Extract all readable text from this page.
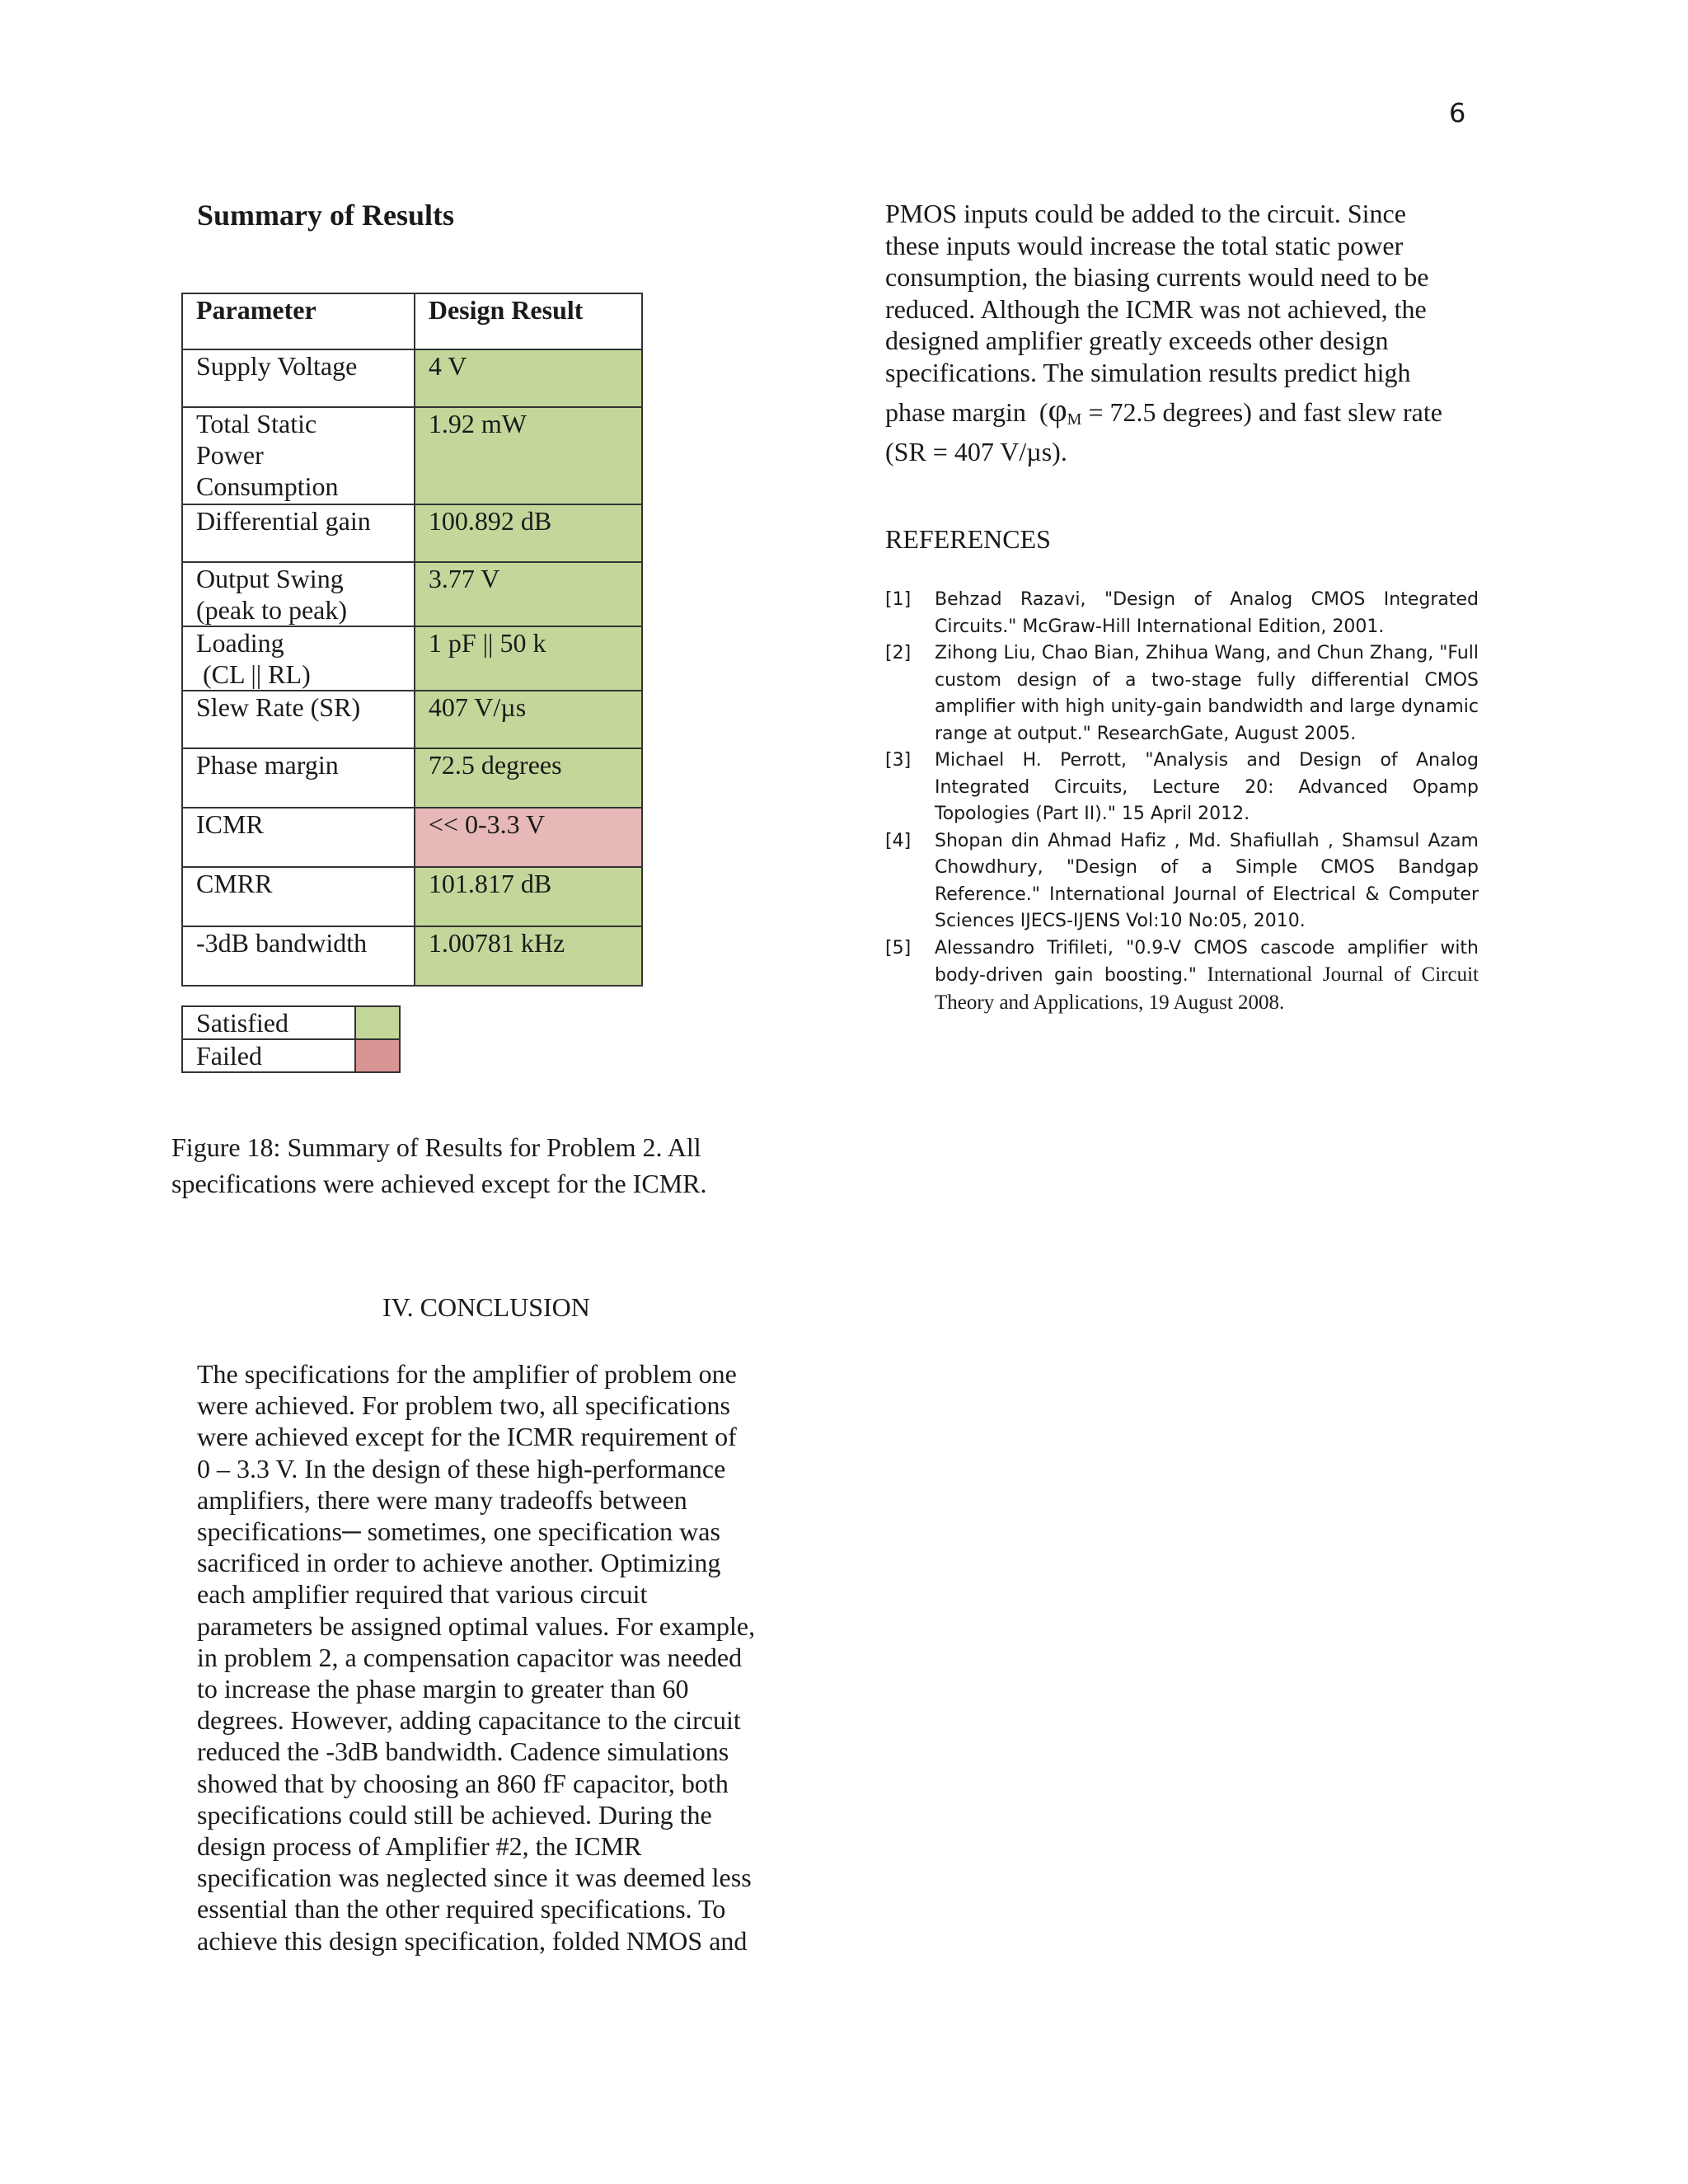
6
Summary of Results
Parameter	Design Result
Supply Voltage	4 V

Total Static
Power
Consumption	1.92 mW
Differential gain	100.892 dB

Output Swing
(peak to peak)	3.77 V

Loading
(CL || RL)	1 pF || 50 k
Slew Rate (SR)	407 V/µs
Phase margin	72.5 degrees
ICMR	<< 0-3.3 V
CMRR	101.817 dB
-3dB bandwidth	1.00781 kHz
Satisfied	
Failed	
Figure 18: Summary of Results for Problem 2. All
specifications were achieved except for the ICMR.
IV. CONCLUSION
The specifications for the amplifier of problem one
were achieved. For problem two, all specifications
were achieved except for the ICMR requirement of
0 – 3.3 V. In the design of these high-performance
amplifiers, there were many tradeoffs between
specifications─ sometimes, one specification was
sacrificed in order to achieve another. Optimizing
each amplifier required that various circuit
parameters be assigned optimal values. For example,
in problem 2, a compensation capacitor was needed
to increase the phase margin to greater than 60
degrees. However, adding capacitance to the circuit
reduced the -3dB bandwidth. Cadence simulations
showed that by choosing an 860 fF capacitor, both
specifications could still be achieved. During the
design process of Amplifier #2, the ICMR
specification was neglected since it was deemed less
essential than the other required specifications. To
achieve this design specification, folded NMOS and
PMOS inputs could be added to the circuit. Since
these inputs would increase the total static power
consumption, the biasing currents would need to be
reduced. Although the ICMR was not achieved, the
designed amplifier greatly exceeds other design
specifications. The simulation results predict high
phase margin  ($\varphi_M = 72.5$ degrees) and fast slew rate
(SR = 407 V/µs).
REFERENCES
[1] Behzad Razavi, "Design of Analog CMOS Integrated Circuits." McGraw-Hill International Edition, 2001.
[2] Zihong Liu, Chao Bian, Zhihua Wang, and Chun Zhang, "Full custom design of a two-stage fully differential CMOS amplifier with high unity-gain bandwidth and large dynamic range at output." ResearchGate, August 2005.
[3] Michael H. Perrott, "Analysis and Design of Analog Integrated Circuits, Lecture 20: Advanced Opamp Topologies (Part II)." 15 April 2012.
[4] Shopan din Ahmad Hafiz , Md. Shafiullah , Shamsul Azam Chowdhury, "Design of a Simple CMOS Bandgap Reference." International Journal of Electrical & Computer Sciences IJECS-IJENS Vol:10 No:05, 2010.
[5] Alessandro Trifileti, "0.9-V CMOS cascode amplifier with body-driven gain boosting." International Journal of Circuit Theory and Applications, 19 August 2008.
